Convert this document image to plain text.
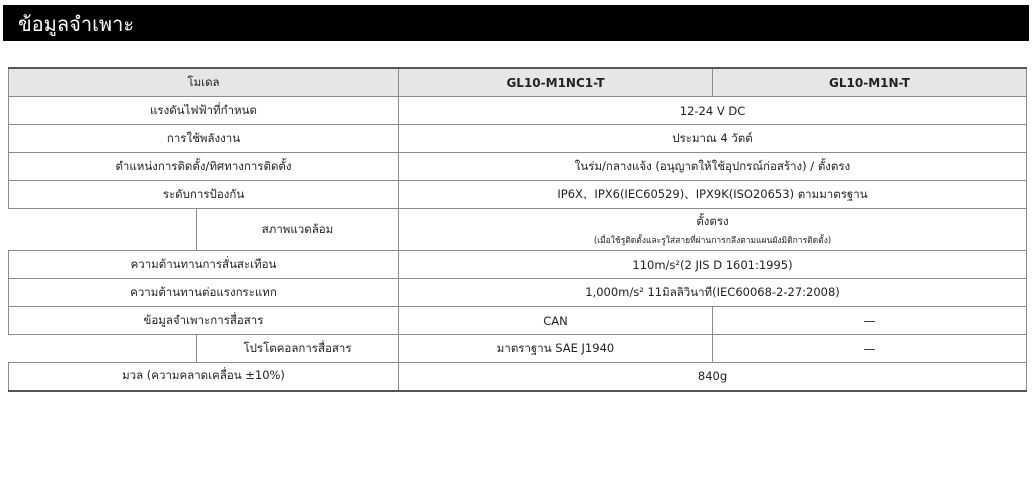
ข้อมูลจำเพาะ
โมเดล		GL10-M1NC1-T	GL10-M1N-T
แรงดันไฟฟ้าที่กำหนด		12-24 V DC	
การใช้พลังงาน		ประมาณ 4 วัตต์	
ตำแหน่งการติดตั้ง/ทิศทางการติดตั้ง		ในร่ม/กลางแจ้ง (อนุญาตให้ใช้อุปกรณ์ก่อสร้าง) / ตั้งตรง	
ระดับการป้องกัน		IP6X、IPX6(IEC60529)、IPX9K(ISO20653) ตามมาตรฐาน	
	สภาพแวดล้อม	ตั้งตรง
(เมื่อใช้รูติดตั้งและรูใส่สายที่ผ่านการกลึงตามแผนผังมิติการติดตั้ง)	

ความต้านทานการสั่นสะเทือน		110m/s²(2 JIS D 1601:1995)	
ความต้านทานต่อแรงกระแทก		1,000m/s² 11มิลลิวินาที(IEC60068-2-27:2008)	
ข้อมูลจำเพาะการสื่อสาร		CAN	—
	โปรโตคอลการสื่อสาร	มาตราฐาน SAE J1940	—
มวล (ความคลาดเคลื่อน ±10%)		840g	
